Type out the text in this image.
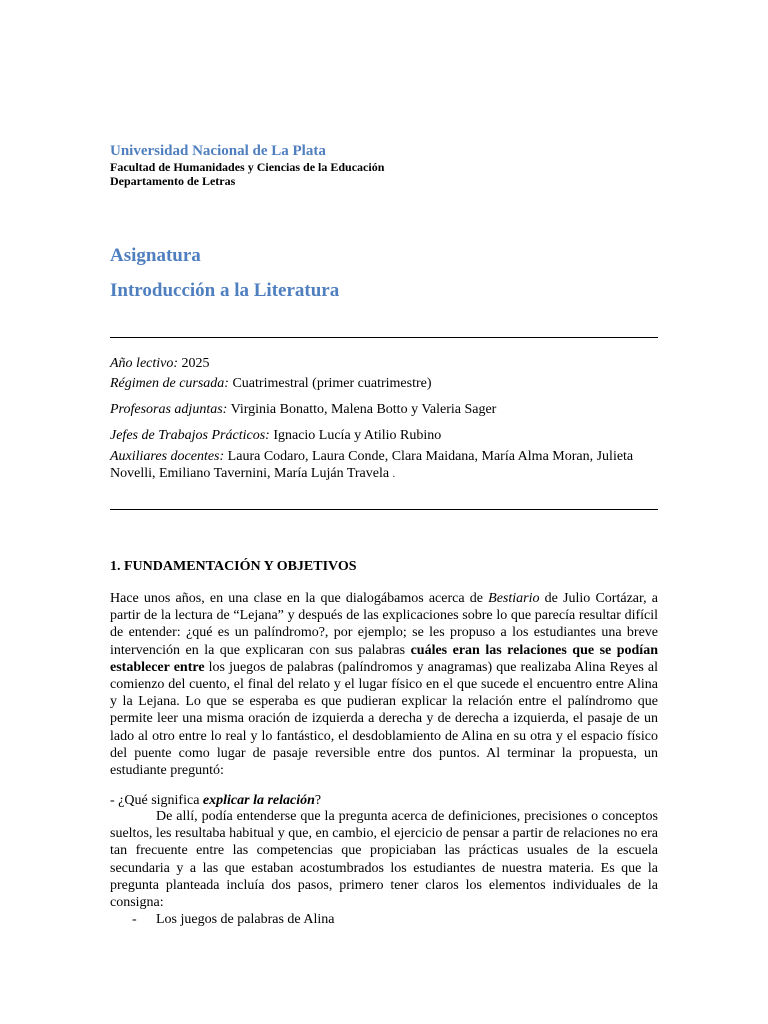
Universidad Nacional de La Plata
Facultad de Humanidades y Ciencias de la Educación
Departamento de Letras
Asignatura
Introducción a la Literatura
Año lectivo: 2025
Régimen de cursada: Cuatrimestral (primer cuatrimestre)
Profesoras adjuntas: Virginia Bonatto, Malena Botto y Valeria Sager
Jefes de Trabajos Prácticos: Ignacio Lucía y Atilio Rubino
Auxiliares docentes: Laura Codaro, Laura Conde, Clara Maidana, María Alma Moran, Julieta Novelli, Emiliano Tavernini, María Luján Travela .
1. FUNDAMENTACIÓN Y OBJETIVOS
Hace unos años, en una clase en la que dialogábamos acerca de Bestiario de Julio Cortázar, a partir de la lectura de “Lejana” y después de las explicaciones sobre lo que parecía resultar difícil de entender: ¿qué es un palíndromo?, por ejemplo; se les propuso a los estudiantes una breve intervención en la que explicaran con sus palabras cuáles eran las relaciones que se podían establecer entre los juegos de palabras (palíndromos y anagramas) que realizaba Alina Reyes al comienzo del cuento, el final del relato y el lugar físico en el que sucede el encuentro entre Alina y la Lejana. Lo que se esperaba es que pudieran explicar la relación entre el palíndromo que permite leer una misma oración de izquierda a derecha y de derecha a izquierda, el pasaje de un lado al otro entre lo real y lo fantástico, el desdoblamiento de Alina en su otra y el espacio físico del puente como lugar de pasaje reversible entre dos puntos. Al terminar la propuesta, un estudiante preguntó:
- ¿Qué significa explicar la relación?
De allí, podía entenderse que la pregunta acerca de definiciones, precisiones o conceptos sueltos, les resultaba habitual y que, en cambio, el ejercicio de pensar a partir de relaciones no era tan frecuente entre las competencias que propiciaban las prácticas usuales de la escuela secundaria y a las que estaban acostumbrados los estudiantes de nuestra materia. Es que la pregunta planteada incluía dos pasos, primero tener claros los elementos individuales de la consigna:
- Los juegos de palabras de Alina
